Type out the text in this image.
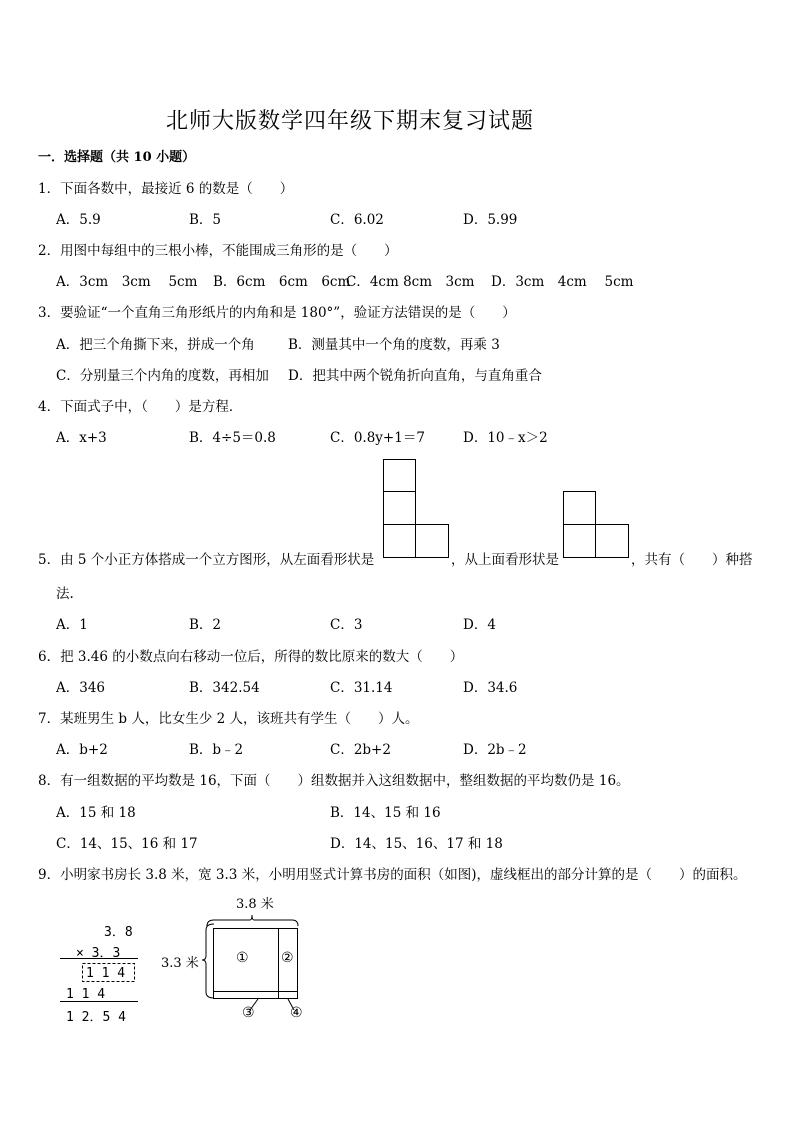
北师大版数学四年级下期末复习试题
一．选择题（共 10 小题）
1．下面各数中，最接近 6 的数是（　　）
A．5.9	B．5	C．6.02	D．5.99
2．用图中每组中的三根小棒，不能围成三角形的是（　　）
A．3cm　3cm　 5cm B．6cm　6cm　6cm
C．4cm 8cm　3cm D．3cm　4cm　 5cm
3．要验证“一个直角三角形纸片的内角和是 180°”，验证方法错误的是（　　）
A．把三个角撕下来，拼成一个角 B．测量其中一个角的度数，再乘 3
C．分别量三个内角的度数，再相加 D．把其中两个锐角折向直角，与直角重合
4．下面式子中，（　　）是方程．
A．x+3	B．4÷5＝0.8	C．0.8y+1＝7	D．10﹣x＞2
5．由 5 个小正方体搭成一个立方图形，从左面看形状是	，从上面看形状是	，共有（　　）种搭
法.
A．1	B．2	C．3	D．4
6．把 3.46 的小数点向右移动一位后，所得的数比原来的数大（　　）
A．346	B．342.54	C．31.14	D．34.6
7．某班男生 b 人，比女生少 2 人，该班共有学生（　　）人。
A．b+2	B．b﹣2	C．2b+2	D．2b﹣2
8．有一组数据的平均数是 16，下面（　　）组数据并入这组数据中，整组数据的平均数仍是 16。
A．15 和 18	B．14、15 和 16
C．14、15、16 和 17	D．14、15、16、17 和 18
9．小明家书房长 3.8 米，宽 3.3 米，小明用竖式计算书房的面积（如图)，虚线框出的部分计算的是（　　）的面积。
3．8
× 3．3
1 1 4
1 1 4
1 2．5 4
3.8 米
3.3 米	① ②
③	④
